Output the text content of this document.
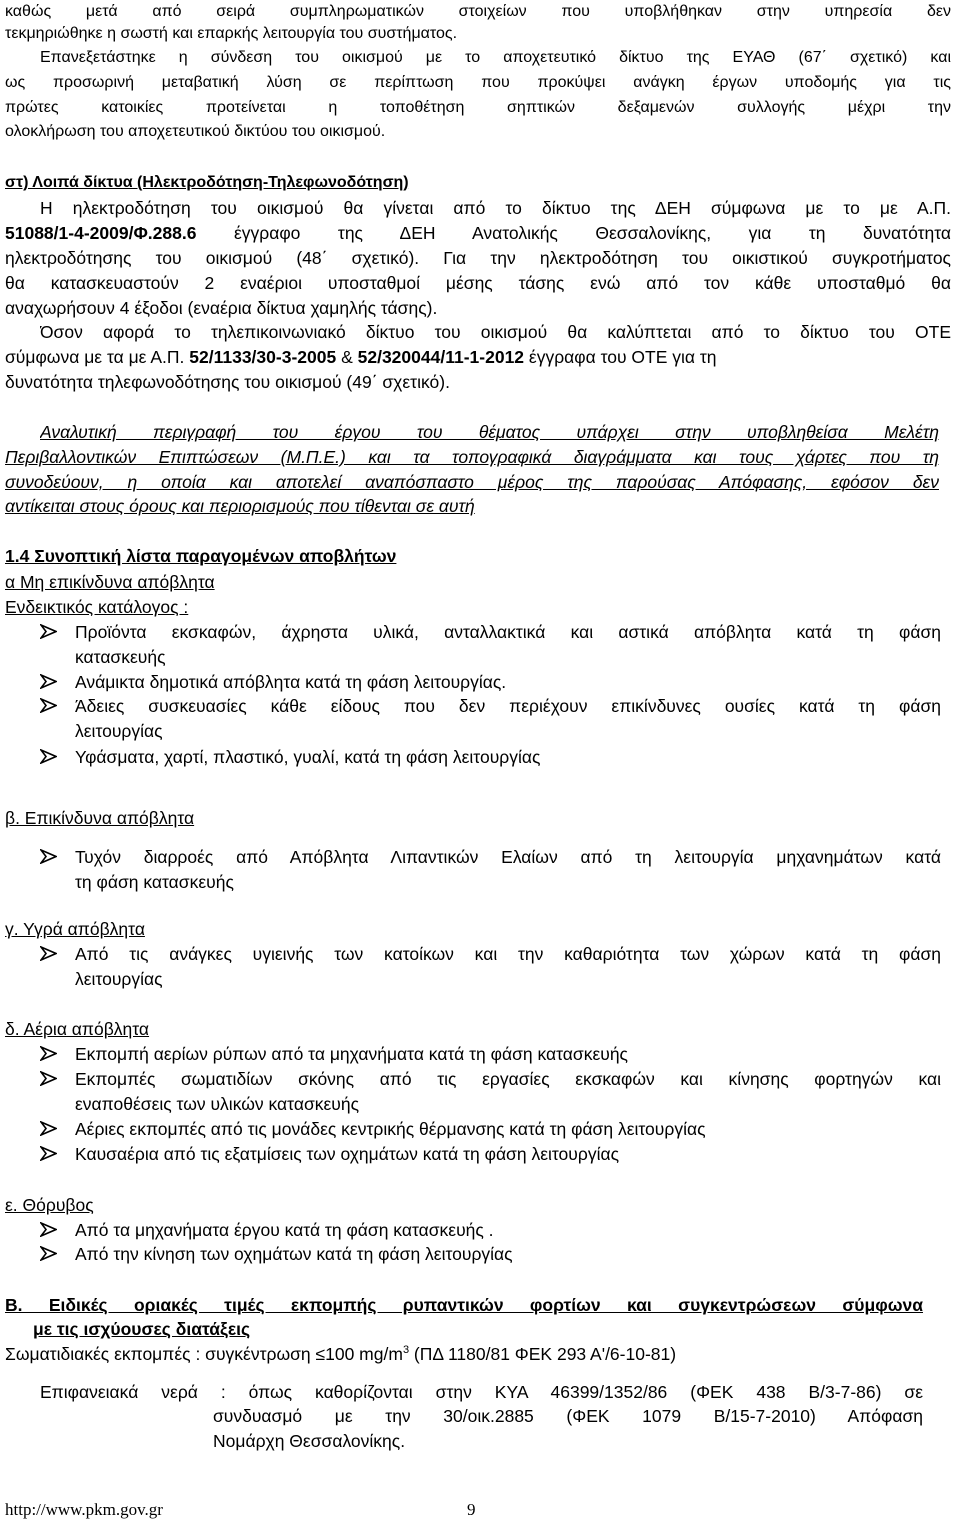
καθώς μετά από σειρά συμπληρωματικών στοιχείων που υποβλήθηκαν στην υπηρεσία δεν
τεκμηριώθηκε η σωστή και επαρκής λειτουργία του συστήματος.
Επανεξετάστηκε η σύνδεση του οικισμού με το αποχετευτικό δίκτυο της ΕΥΑΘ (67΄ σχετικό) και
ως προσωρινή μεταβατική λύση σε περίπτωση που προκύψει ανάγκη έργων υποδομής για τις
πρώτες κατοικίες προτείνεται η τοποθέτηση σηπτικών δεξαμενών συλλογής μέχρι την
ολοκλήρωση του αποχετευτικού δικτύου του οικισμού.
στ) Λοιπά δίκτυα (Ηλεκτροδότηση-Τηλεφωνοδότηση)
Η ηλεκτροδότηση του οικισμού θα γίνεται από το δίκτυο της ΔΕΗ σύμφωνα με το με Α.Π.
51088/1-4-2009/Φ.288.6 έγγραφο της ΔΕΗ Ανατολικής Θεσσαλονίκης, για τη δυνατότητα
ηλεκτροδότησης του οικισμού (48΄ σχετικό). Για την ηλεκτροδότηση του οικιστικού συγκροτήματος
θα κατασκευαστούν 2 εναέριοι υποσταθμοί μέσης τάσης ενώ από τον κάθε υποσταθμό θα
αναχωρήσουν 4 έξοδοι (εναέρια δίκτυα χαμηλής τάσης).
Όσον αφορά το τηλεπικοινωνιακό δίκτυο του οικισμού θα καλύπτεται από το δίκτυο του ΟΤΕ
σύμφωνα με τα με Α.Π. 52/1133/30-3-2005 & 52/320044/11-1-2012 έγγραφα του ΟΤΕ για τη
δυνατότητα τηλεφωνοδότησης του οικισμού (49΄ σχετικό).
Αναλυτική περιγραφή του έργου του θέματος υπάρχει στην υποβληθείσα Μελέτη
Περιβαλλοντικών Επιπτώσεων (Μ.Π.Ε.) και τα τοπογραφικά διαγράμματα και τους χάρτες που τη
συνοδεύουν, η οποία και αποτελεί αναπόσπαστο μέρος της παρούσας Απόφασης, εφόσον δεν
αντίκειται στους όρους και περιορισμούς που τίθενται σε αυτή
1.4 Συνοπτική λίστα παραγομένων αποβλήτων
α Μη επικίνδυνα απόβλητα
Ενδεικτικός κατάλογος :
Προϊόντα εκσκαφών, άχρηστα υλικά, ανταλλακτικά και αστικά απόβλητα κατά τη φάση
κατασκευής
Ανάμικτα δημοτικά απόβλητα κατά τη φάση λειτουργίας.
Άδειες συσκευασίες κάθε είδους που δεν περιέχουν επικίνδυνες ουσίες κατά τη φάση
λειτουργίας
Υφάσματα, χαρτί, πλαστικό, γυαλί, κατά τη φάση λειτουργίας
β. Επικίνδυνα απόβλητα
Τυχόν διαρροές από Απόβλητα Λιπαντικών Ελαίων από τη λειτουργία μηχανημάτων κατά
τη φάση κατασκευής
γ. Υγρά απόβλητα
Από τις ανάγκες υγιεινής των κατοίκων και την καθαριότητα των χώρων κατά τη φάση
λειτουργίας
δ. Αέρια απόβλητα
Εκπομπή αερίων ρύπων από τα μηχανήματα κατά τη φάση κατασκευής
Εκπομπές σωματιδίων σκόνης από τις εργασίες εκσκαφών και κίνησης φορτηγών και
εναποθέσεις των υλικών κατασκευής
Αέριες εκπομπές από τις μονάδες κεντρικής θέρμανσης κατά τη φάση λειτουργίας
Καυσαέρια από τις εξατμίσεις των οχημάτων κατά τη φάση λειτουργίας
ε. Θόρυβος
Από τα μηχανήματα έργου κατά τη φάση κατασκευής .
Από την κίνηση των οχημάτων κατά τη φάση λειτουργίας
Β. Ειδικές οριακές τιμές εκπομπής ρυπαντικών φορτίων και συγκεντρώσεων σύμφωνα
με τις ισχύουσες διατάξεις
Σωματιδιακές εκπομπές : συγκέντρωση ≤100 $mg/m^3$ (ΠΔ 1180/81 ΦΕΚ 293 Α'/6-10-81)
Επιφανειακά νερά : όπως καθορίζονται στην ΚΥΑ 46399/1352/86 (ΦΕΚ 438 Β/3-7-86) σε
συνδυασμό με την 30/οικ.2885 (ΦΕΚ 1079 Β/15-7-2010) Απόφαση
Νομάρχη Θεσσαλονίκης.
http://www.pkm.gov.gr	9
